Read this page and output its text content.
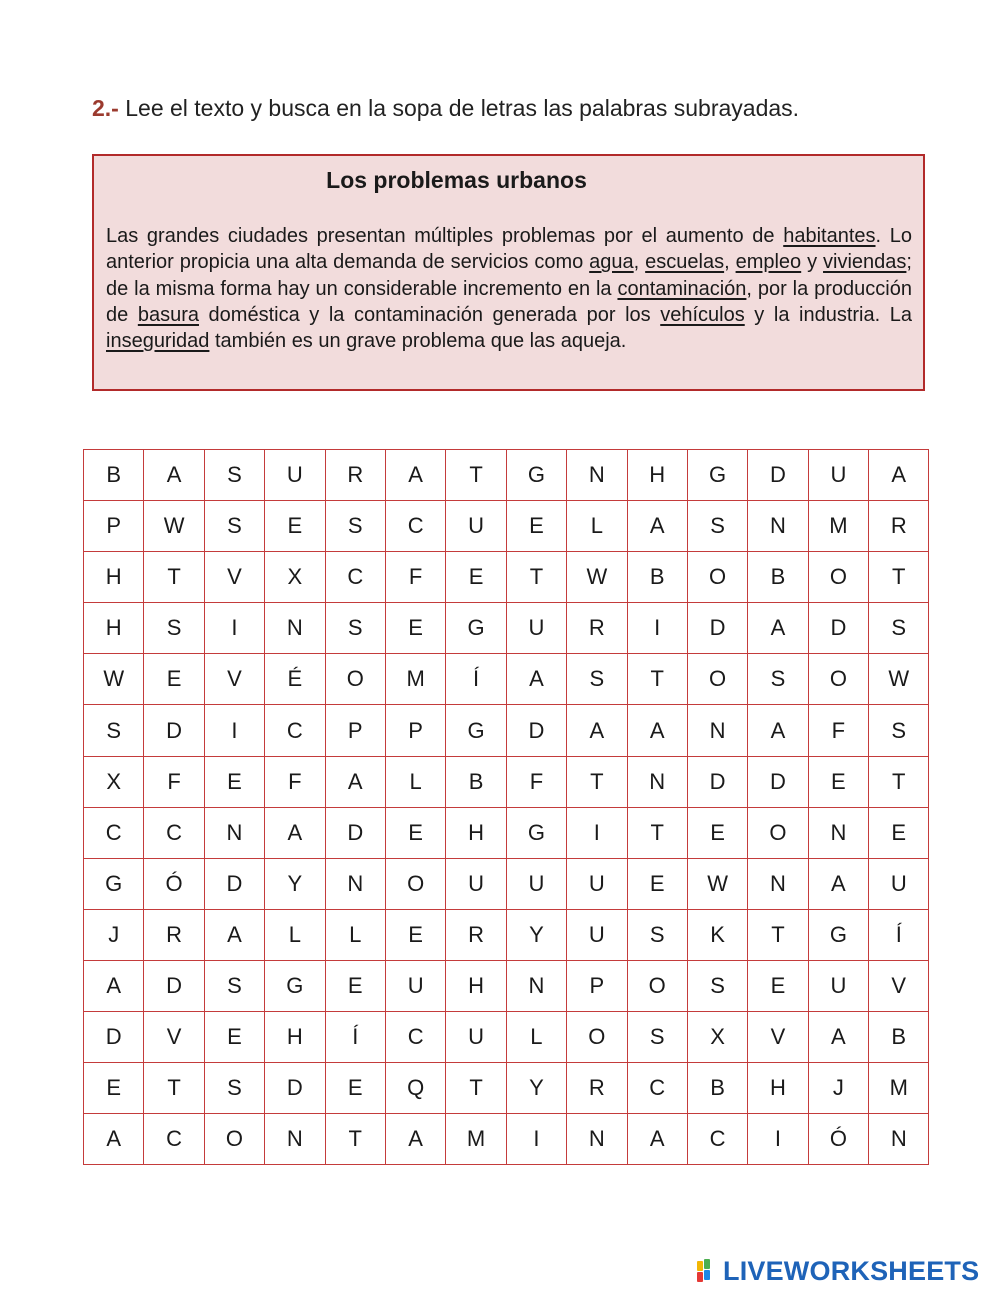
2.- Lee el texto y busca en la sopa de letras las palabras subrayadas.
Los problemas urbanos
Las grandes ciudades presentan múltiples problemas por el aumento de habitantes. Lo anterior propicia una alta demanda de servicios como agua, escuelas, empleo y viviendas; de la misma forma hay un considerable incremento en la contaminación, por la producción de basura doméstica y la contaminación generada por los vehículos y la industria. La inseguridad también es un grave problema que las aqueja.
B	A	S	U	R	A	T	G	N	H	G	D	U	A
P	W	S	E	S	C	U	E	L	A	S	N	M	R
H	T	V	X	C	F	E	T	W	B	O	B	O	T
H	S	I	N	S	E	G	U	R	I	D	A	D	S
W	E	V	É	O	M	Í	A	S	T	O	S	O	W
S	D	I	C	P	P	G	D	A	A	N	A	F	S
X	F	E	F	A	L	B	F	T	N	D	D	E	T
C	C	N	A	D	E	H	G	I	T	E	O	N	E
G	Ó	D	Y	N	O	U	U	U	E	W	N	A	U
J	R	A	L	L	E	R	Y	U	S	K	T	G	Í
A	D	S	G	E	U	H	N	P	O	S	E	U	V
D	V	E	H	Í	C	U	L	O	S	X	V	A	B
E	T	S	D	E	Q	T	Y	R	C	B	H	J	M
A	C	O	N	T	A	M	I	N	A	C	I	Ó	N
LIVEWORKSHEETS
